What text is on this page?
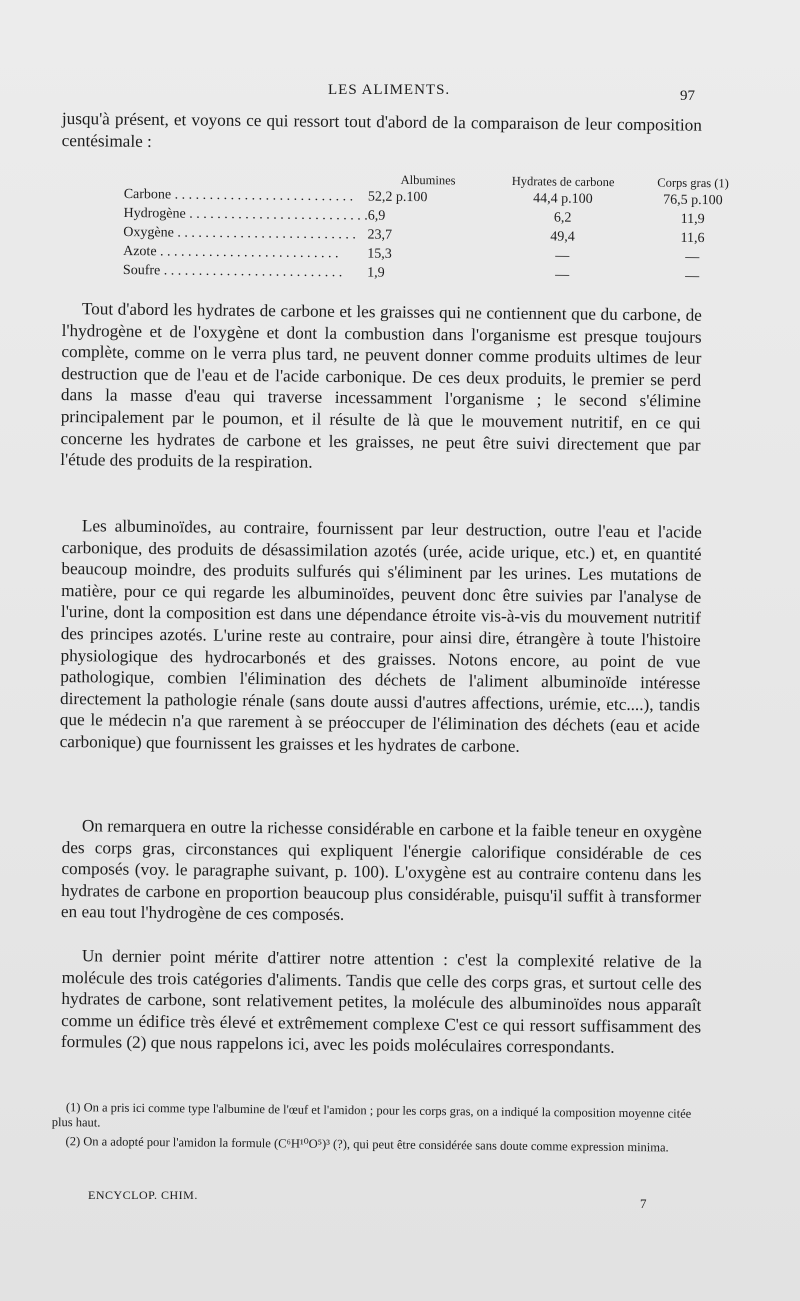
LES ALIMENTS.	97

jusqu'à présent, et voyons ce qui ressort tout d'abord de la comparaison de leur composition centésimale :

	Albumines	Hydrates de carbone	Corps gras (1)
Carbone . . .	52,2 p.100	44,4 p.100	76,5 p.100
Hydrogène . . .	6,9	6,2	11,9
Oxygène . . .	23,7	49,4	11,6
Azote . . .	15,3	—	—
Soufre . . .	1,9	—	—

Tout d'abord les hydrates de carbone et les graisses qui ne contiennent que du carbone, de l'hydrogène et de l'oxygène et dont la combustion dans l'organisme est presque toujours complète, comme on le verra plus tard, ne peuvent donner comme produits ultimes de leur destruction que de l'eau et de l'acide carbonique. De ces deux produits, le premier se perd dans la masse d'eau qui traverse incessamment l'organisme ; le second s'élimine principalement par le poumon, et il résulte de là que le mouvement nutritif, en ce qui concerne les hydrates de carbone et les graisses, ne peut être suivi directement que par l'étude des produits de la respiration.

Les albuminoïdes, au contraire, fournissent par leur destruction, outre l'eau et l'acide carbonique, des produits de désassimilation azotés (urée, acide urique, etc.) et, en quantité beaucoup moindre, des produits sulfurés qui s'éliminent par les urines. Les mutations de matière, pour ce qui regarde les albuminoïdes, peuvent donc être suivies par l'analyse de l'urine, dont la composition est dans une dépendance étroite vis-à-vis du mouvement nutritif des principes azotés. L'urine reste au contraire, pour ainsi dire, étrangère à toute l'histoire physiologique des hydrocarbonés et des graisses. Notons encore, au point de vue pathologique, combien l'élimination des déchets de l'aliment albuminoïde intéresse directement la pathologie rénale (sans doute aussi d'autres affections, urémie, etc....), tandis que le médecin n'a que rarement à se préoccuper de l'élimination des déchets (eau et acide carbonique) que fournissent les graisses et les hydrates de carbone.

On remarquera en outre la richesse considérable en carbone et la faible teneur en oxygène des corps gras, circonstances qui expliquent l'énergie calorifique considérable de ces composés (voy. le paragraphe suivant, p. 100). L'oxygène est au contraire contenu dans les hydrates de carbone en proportion beaucoup plus considérable, puisqu'il suffit à transformer en eau tout l'hydrogène de ces composés.

Un dernier point mérite d'attirer notre attention : c'est la complexité relative de la molécule des trois catégories d'aliments. Tandis que celle des corps gras, et surtout celle des hydrates de carbone, sont relativement petites, la molécule des albuminoïdes nous apparaît comme un édifice très élevé et extrêmement complexe C'est ce qui ressort suffisamment des formules (2) que nous rappelons ici, avec les poids moléculaires correspondants.

(1) On a pris ici comme type l'albumine de l'œuf et l'amidon ; pour les corps gras, on a indiqué la composition moyenne citée plus haut.

(2) On a adopté pour l'amidon la formule (C⁶H¹⁰O⁵)³ (?), qui peut être considérée sans doute comme expression minima.

ENCYCLOP. CHIM.
7
